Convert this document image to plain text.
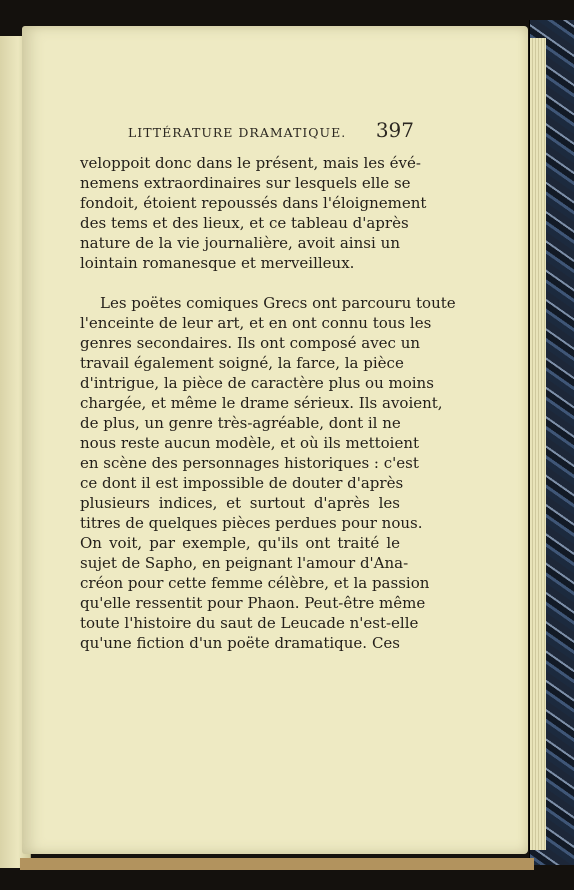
LITTÉRATURE DRAMATIQUE. 397
veloppoit donc dans le présent, mais les évé-
nemens extraordinaires sur lesquels elle se
fondoit, étoient repoussés dans l'éloignement
des tems et des lieux, et ce tableau d'après
nature de la vie journalière, avoit ainsi un
lointain romanesque et merveilleux.
Les poëtes comiques Grecs ont parcouru toute
l'enceinte de leur art, et en ont connu tous les
genres secondaires. Ils ont composé avec un
travail également soigné, la farce, la pièce
d'intrigue, la pièce de caractère plus ou moins
chargée, et même le drame sérieux. Ils avoient,
de plus, un genre très-agréable, dont il ne
nous reste aucun modèle, et où ils mettoient
en scène des personnages historiques : c'est
ce dont il est impossible de douter d'après
plusieurs indices, et surtout d'après les
titres de quelques pièces perdues pour nous.
On voit, par exemple, qu'ils ont traité le
sujet de Sapho, en peignant l'amour d'Ana-
créon pour cette femme célèbre, et la passion
qu'elle ressentit pour Phaon. Peut-être même
toute l'histoire du saut de Leucade n'est-elle
qu'une fiction d'un poëte dramatique. Ces
